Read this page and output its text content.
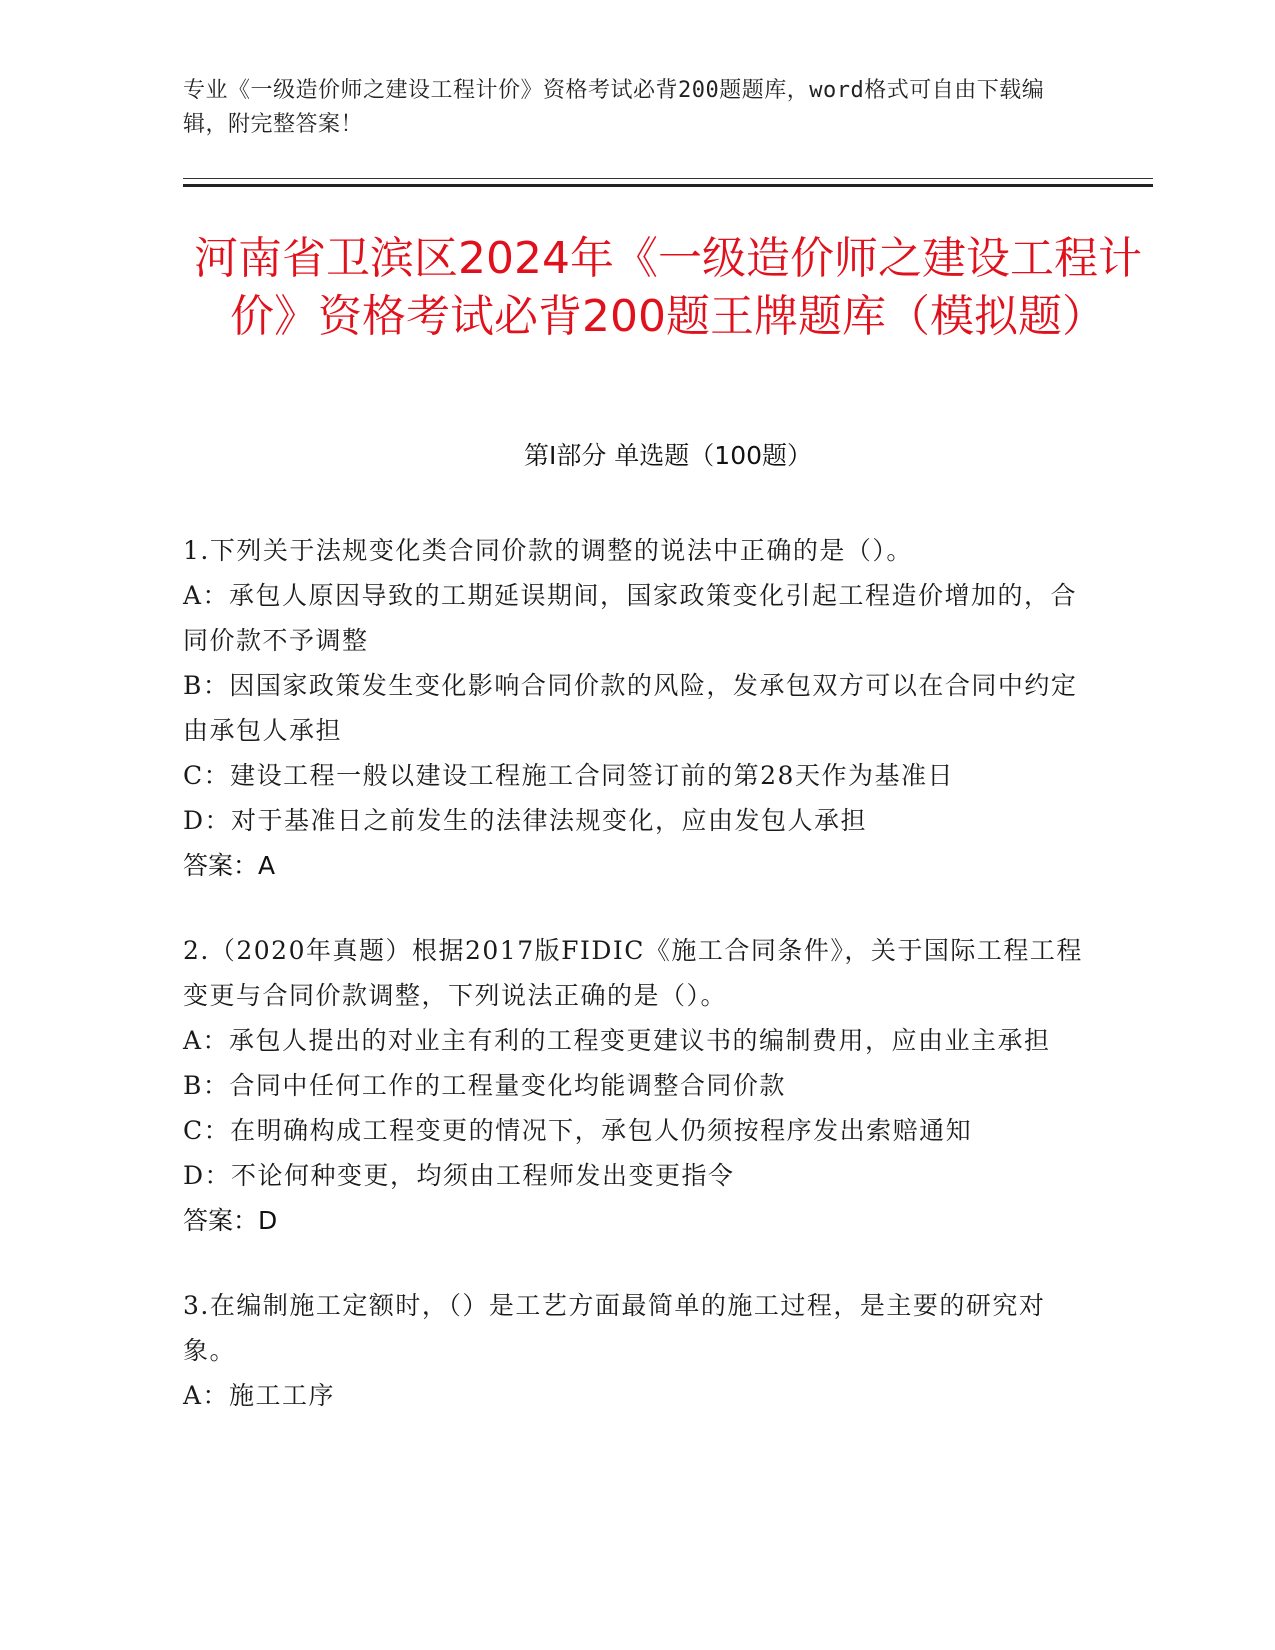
专业《一级造价师之建设工程计价》资格考试必背200题题库，word格式可自由下载编辑，附完整答案！
河南省卫滨区2024年《一级造价师之建设工程计价》资格考试必背200题王牌题库（模拟题）
第Ⅰ部分 单选题（100题）

1.下列关于法规变化类合同价款的调整的说法中正确的是（）。

A：承包人原因导致的工期延误期间，国家政策变化引起工程造价增加的，合同价款不予调整

B：因国家政策发生变化影响合同价款的风险，发承包双方可以在合同中约定由承包人承担

C：建设工程一般以建设工程施工合同签订前的第28天作为基准日

D：对于基准日之前发生的法律法规变化，应由发包人承担

答案：A

2.（2020年真题）根据2017版FIDIC《施工合同条件》，关于国际工程工程变更与合同价款调整，下列说法正确的是（）。

A：承包人提出的对业主有利的工程变更建议书的编制费用，应由业主承担

B：合同中任何工作的工程量变化均能调整合同价款

C：在明确构成工程变更的情况下，承包人仍须按程序发出索赔通知

D：不论何种变更，均须由工程师发出变更指令

答案：D

3.在编制施工定额时，（）是工艺方面最简单的施工过程，是主要的研究对象。

A：施工工序
